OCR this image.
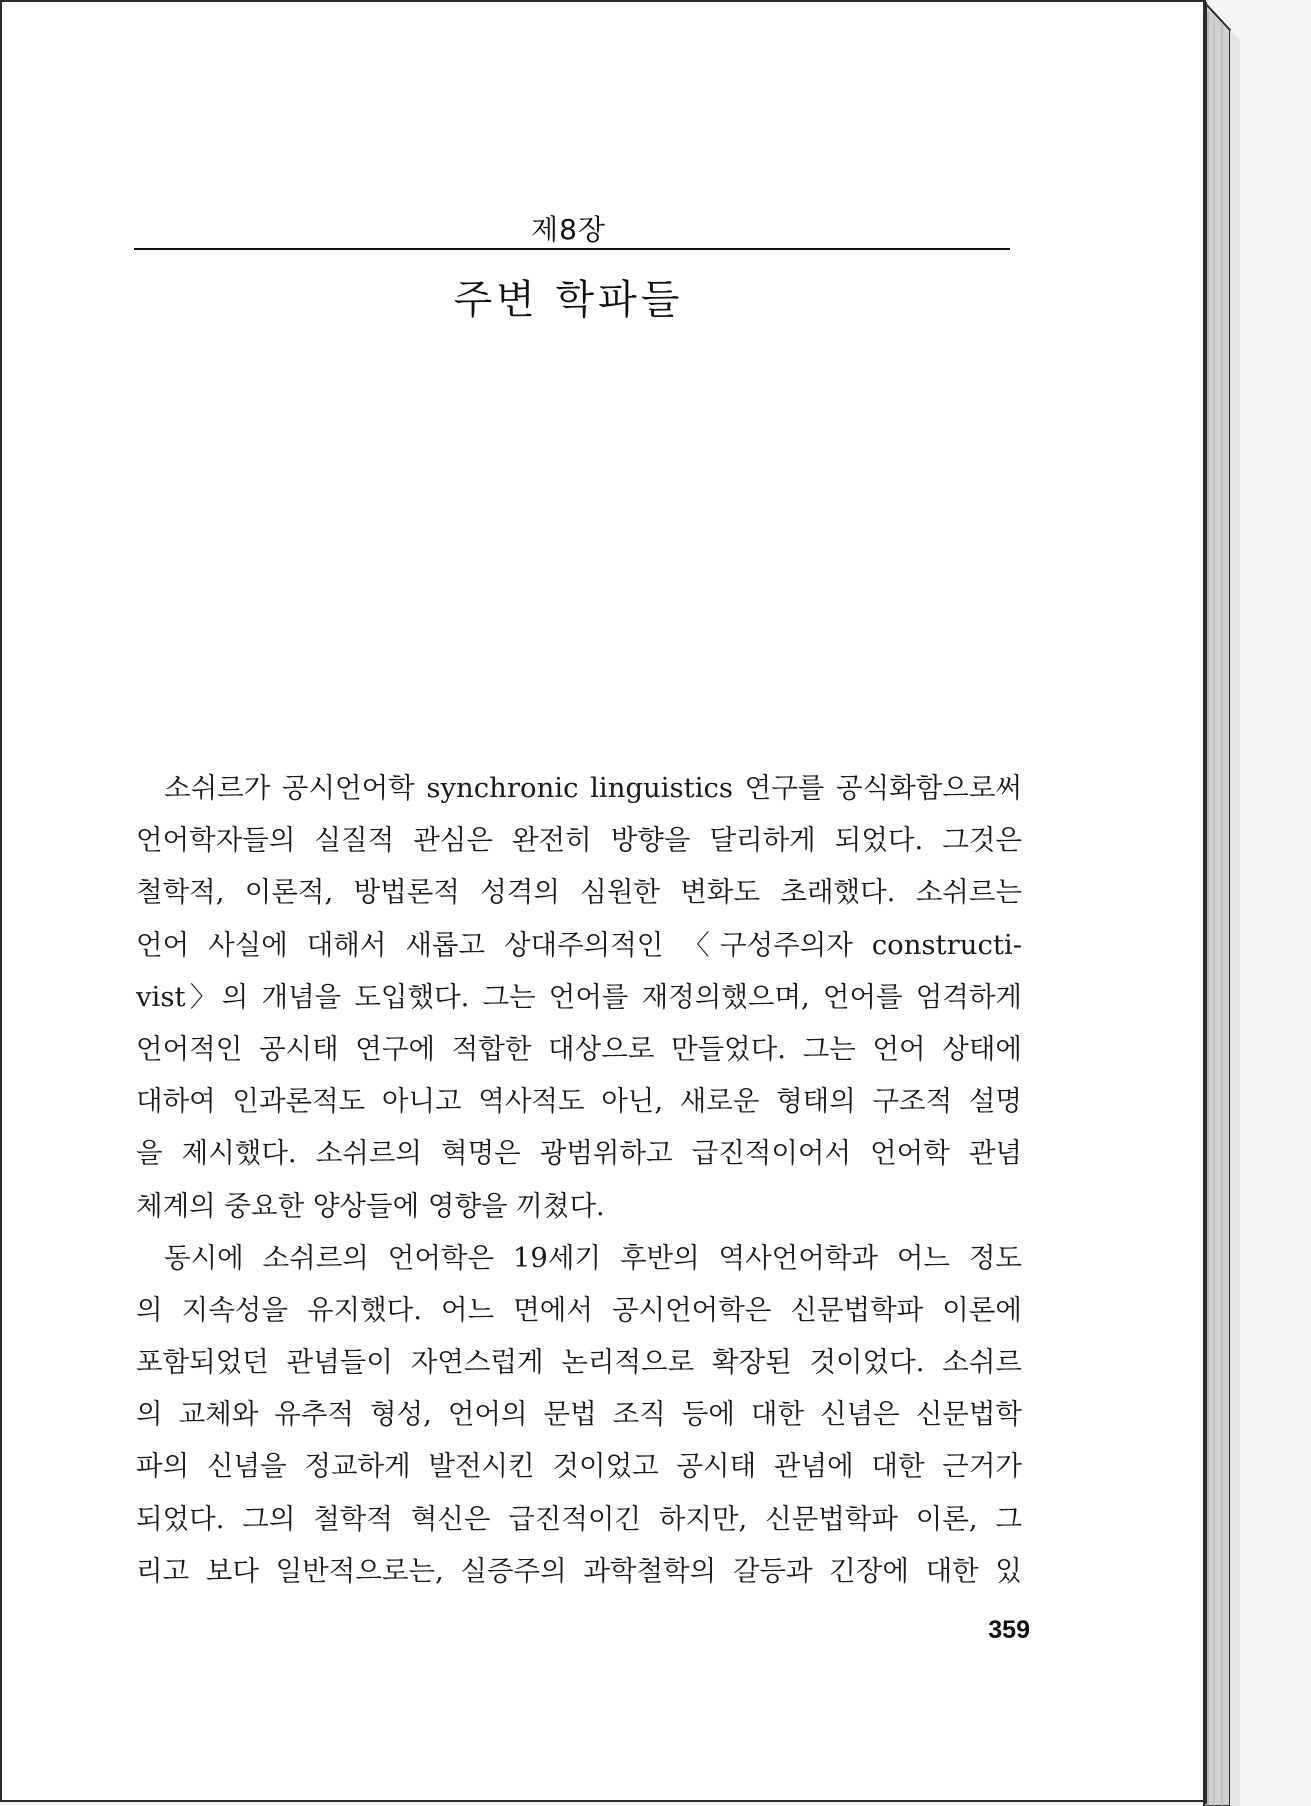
제8장
주변 학파들
소쉬르가 공시언어학 synchronic linguistics 연구를 공식화함으로써
언어학자들의 실질적 관심은 완전히 방향을 달리하게 되었다. 그것은
철학적, 이론적, 방법론적 성격의 심원한 변화도 초래했다. 소쉬르는
언어 사실에 대해서 새롭고 상대주의적인 〈구성주의자 constructi-
vist〉의 개념을 도입했다. 그는 언어를 재정의했으며, 언어를 엄격하게
언어적인 공시태 연구에 적합한 대상으로 만들었다. 그는 언어 상태에
대하여 인과론적도 아니고 역사적도 아닌, 새로운 형태의 구조적 설명
을 제시했다. 소쉬르의 혁명은 광범위하고 급진적이어서 언어학 관념
체계의 중요한 양상들에 영향을 끼쳤다.
동시에 소쉬르의 언어학은 19세기 후반의 역사언어학과 어느 정도
의 지속성을 유지했다. 어느 면에서 공시언어학은 신문법학파 이론에
포함되었던 관념들이 자연스럽게 논리적으로 확장된 것이었다. 소쉬르
의 교체와 유추적 형성, 언어의 문법 조직 등에 대한 신념은 신문법학
파의 신념을 정교하게 발전시킨 것이었고 공시태 관념에 대한 근거가
되었다. 그의 철학적 혁신은 급진적이긴 하지만, 신문법학파 이론, 그
리고 보다 일반적으로는, 실증주의 과학철학의 갈등과 긴장에 대한 있
359
